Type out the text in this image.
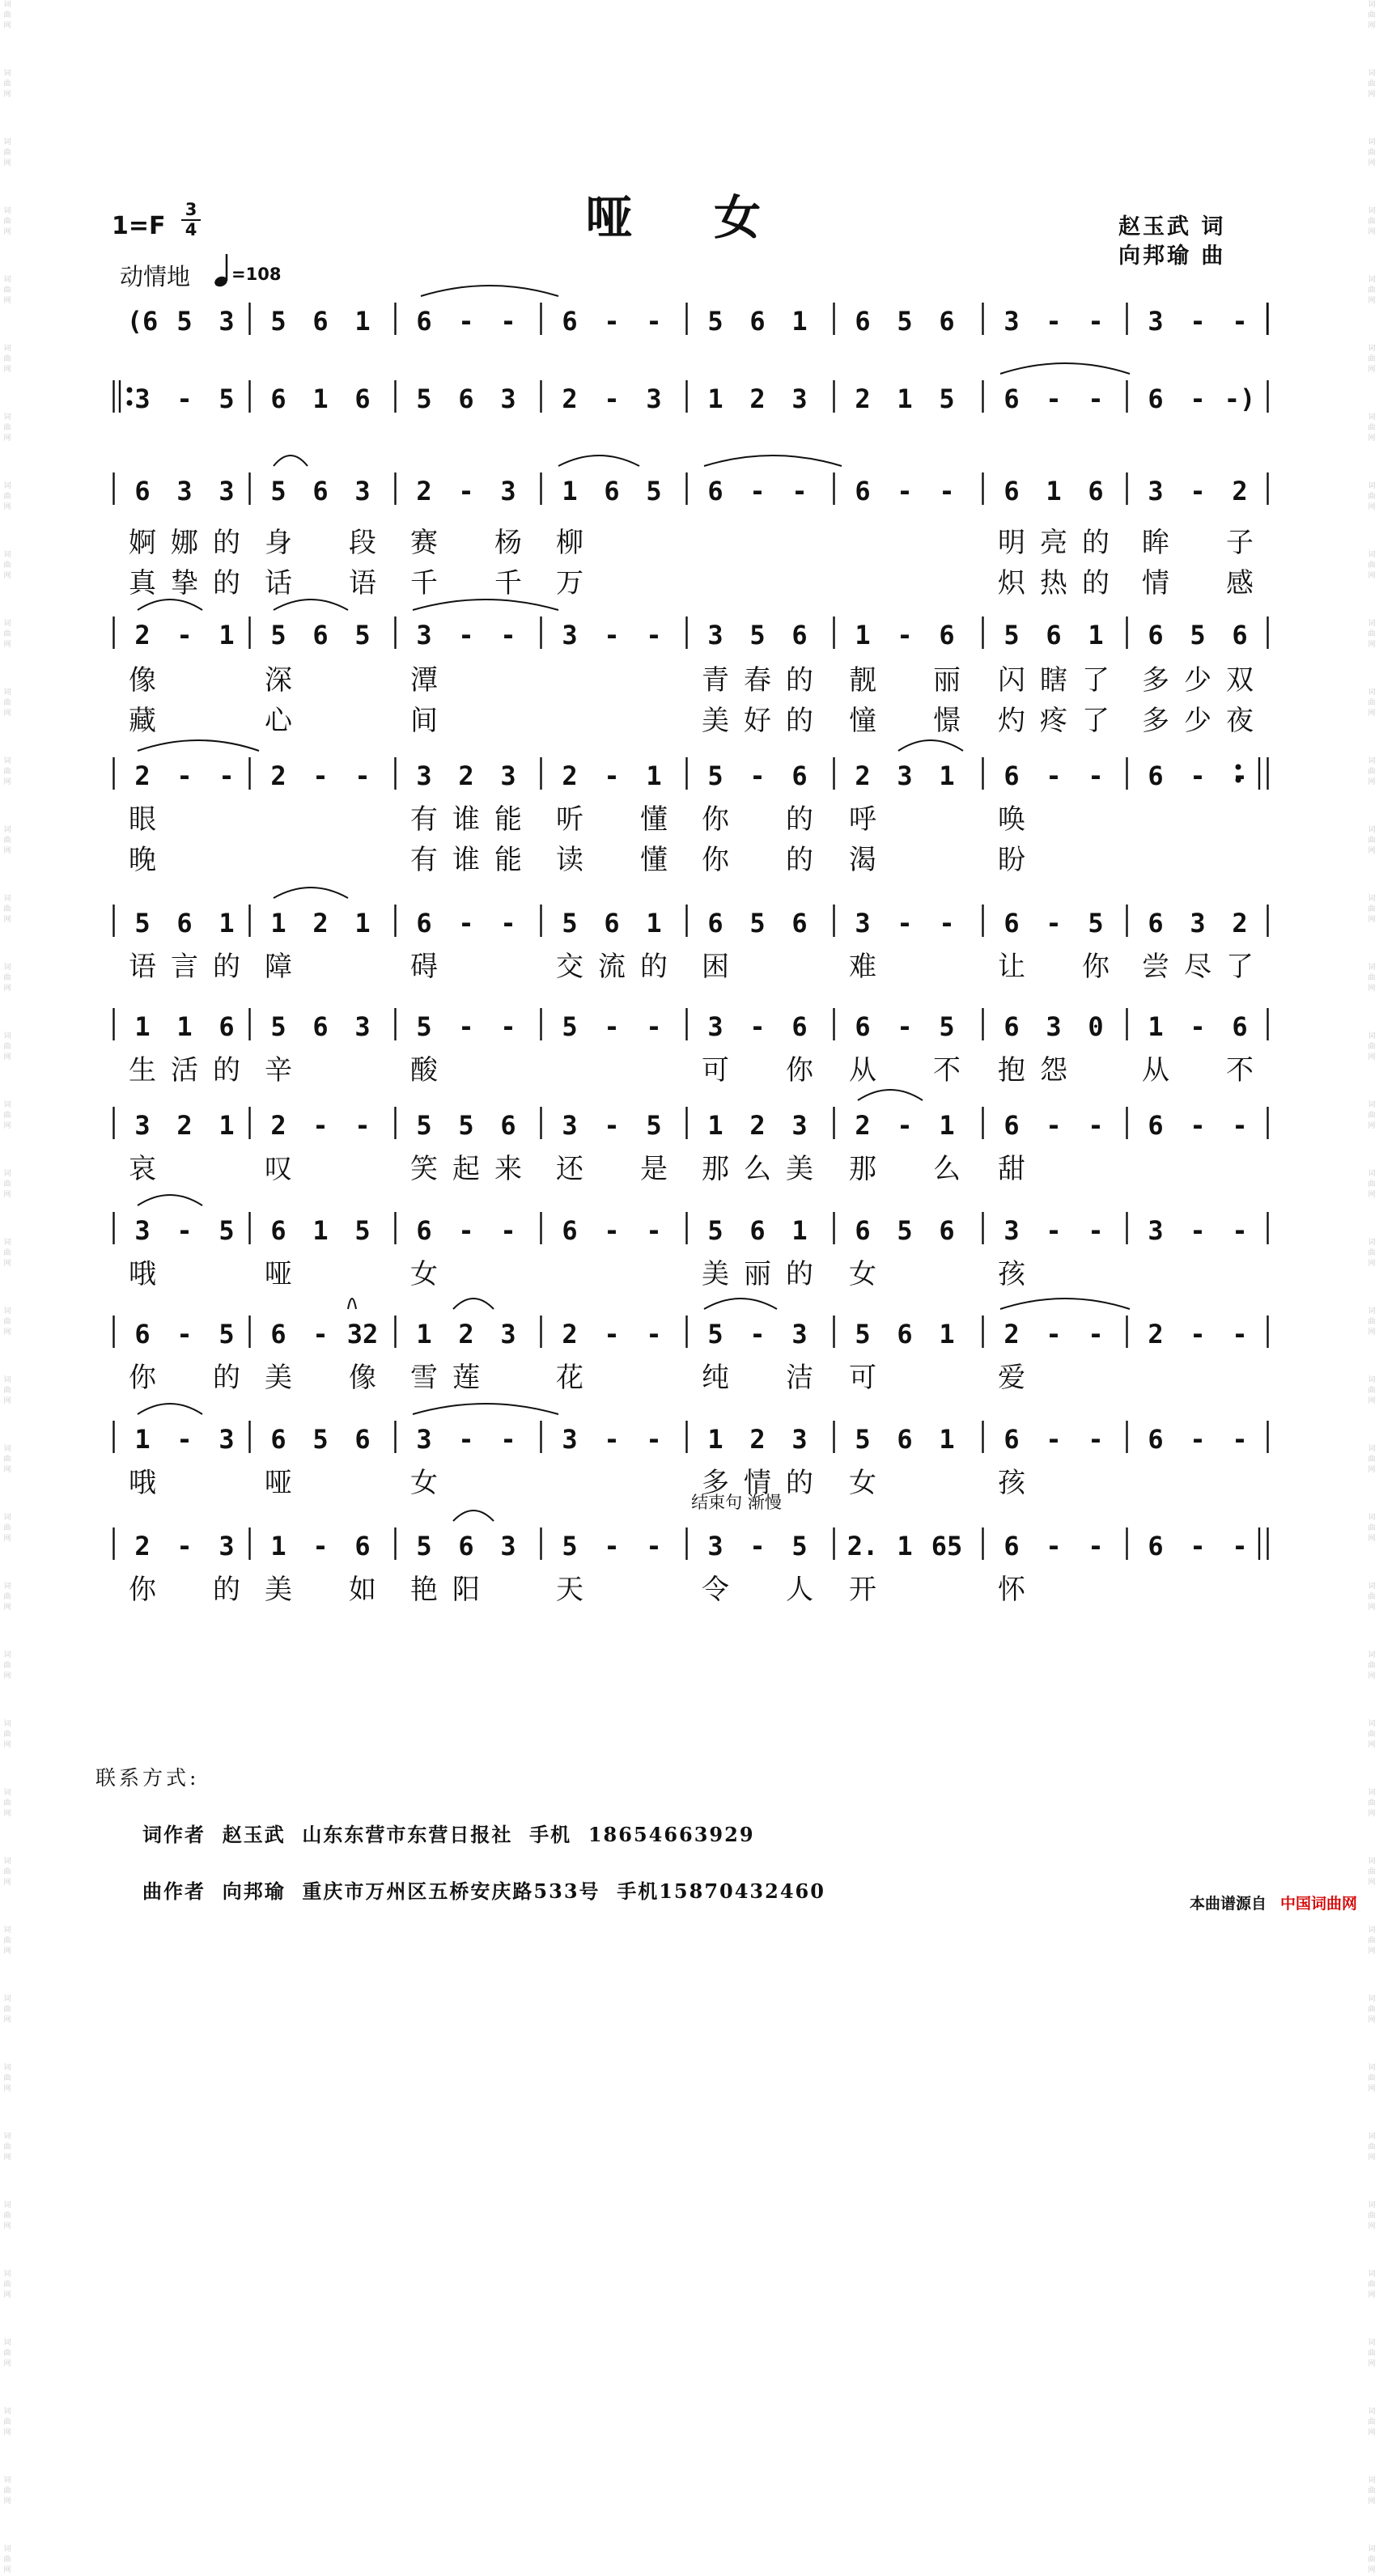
词
曲
网
词
曲
网
词
曲
网
词
曲
网
词
曲
网
词
曲
网
词
曲
网
词
曲
网
词
曲
网
词
曲
网
词
曲
网
词
曲
网
词
曲
网
词
曲
网
词
曲
网
词
曲
网
词
曲
网
词
曲
网
词
曲
网
词
曲
网
词
曲
网
词
曲
网
词
曲
网
词
曲
网
词
曲
网
词
曲
网
词
曲
网
词
曲
网
词
曲
网
词
曲
网
词
曲
网
词
曲
网
词
曲
网
词
曲
网
词
曲
网
词
曲
网
词
曲
网
词
曲
网
词
曲
网
词
曲
网
词
曲
网
词
曲
网
词
曲
网
词
曲
网
词
曲
网
词
曲
网
词
曲
网
词
曲
网
词
曲
网
词
曲
网
词
曲
网
词
曲
网
词
曲
网
词
曲
网
词
曲
网
词
曲
网
词
曲
网
词
曲
网
词
曲
网
词
曲
网
词
曲
网
词
曲
网
词
曲
网
词
曲
网
词
曲
网
词
曲
网
词
曲
网
词
曲
网
词
曲
网
词
曲
网
词
曲
网
词
曲
网
词
曲
网
词
曲
网
词
曲
网
词
曲
网
哑 女
1=F
3
4
动情地 =108
赵玉武 词
向邦瑜 曲
(6 5 3 5 6 1 6 - - 6 - - 5 6 1 6 5 6 3 - - 3 - -
3 - 5 6 1 6 5 6 3 2 - 3 1 2 3 2 1 5 6 - - 6 - -)
6 3 3 5 6 3 2 - 3 1 6 5 6 - - 6 - - 6 1 6 3 - 2
婀 娜 的 身 段 赛 杨 柳	明 亮 的 眸 子
真 挚 的 话 语 千 千 万	炽 热 的 情 感
2 - 1 5 6 5 3 - - 3 - - 3 5 6 1 - 6 5 6 1 6 5 6
像	深	潭	青 春 的 靓 丽 闪 瞎 了 多 少 双
藏	心	间	美 好 的 憧 憬 灼 疼 了 多 少 夜
2 - - 2 - - 3 2 3 2 - 1 5 - 6 2 3 1 6 - - 6 - -
眼	有 谁 能 听 懂 你 的 呼	唤
晚	有 谁 能 读 懂 你 的 渴	盼
5 6 1 1 2 1 6 - - 5 6 1 6 5 6 3 - - 6 - 5 6 3 2
语 言 的 障	碍	交 流 的 困	难	让 你 尝 尽 了
1 1 6 5 6 3 5 - - 5 - - 3 - 6 6 - 5 6 3 0 1 - 6
生 活 的 辛	酸	可 你 从 不 抱 怨	从 不
3 2 1 2 - - 5 5 6 3 - 5 1 2 3 2 - 1 6 - - 6 - -
哀	叹	笑 起 来 还 是 那 么 美 那 么 甜
3 - 5 6 1 5 6 - - 6 - - 5 6 1 6 5 6 3 - - 3 - -
哦	哑	女	美 丽 的 女	孩
6 - 5 6 - 32 1 2 3 2 - - 5 - 3 5 6 1 2 - - 2 - -
你 的 美 像 雪 莲	花	纯 洁 可	爱
1 - 3 6 5 6 3 - - 3 - - 1 2 3 5 6 1 6 - - 6 - -
哦	哑	女	多 情 的 女	孩
2 - 3 1 - 6 5 6 3 5 - - 3 - 5 2. 1 65 6 - - 6 - -
你 的 美 如 艳 阳	天	令 人 开	怀
结束句 渐慢
联系方式:
词作者  赵玉武  山东东营市东营日报社  手机  18654663929
曲作者  向邦瑜  重庆市万州区五桥安庆路533号  手机15870432460
本曲谱源自 中国词曲网
